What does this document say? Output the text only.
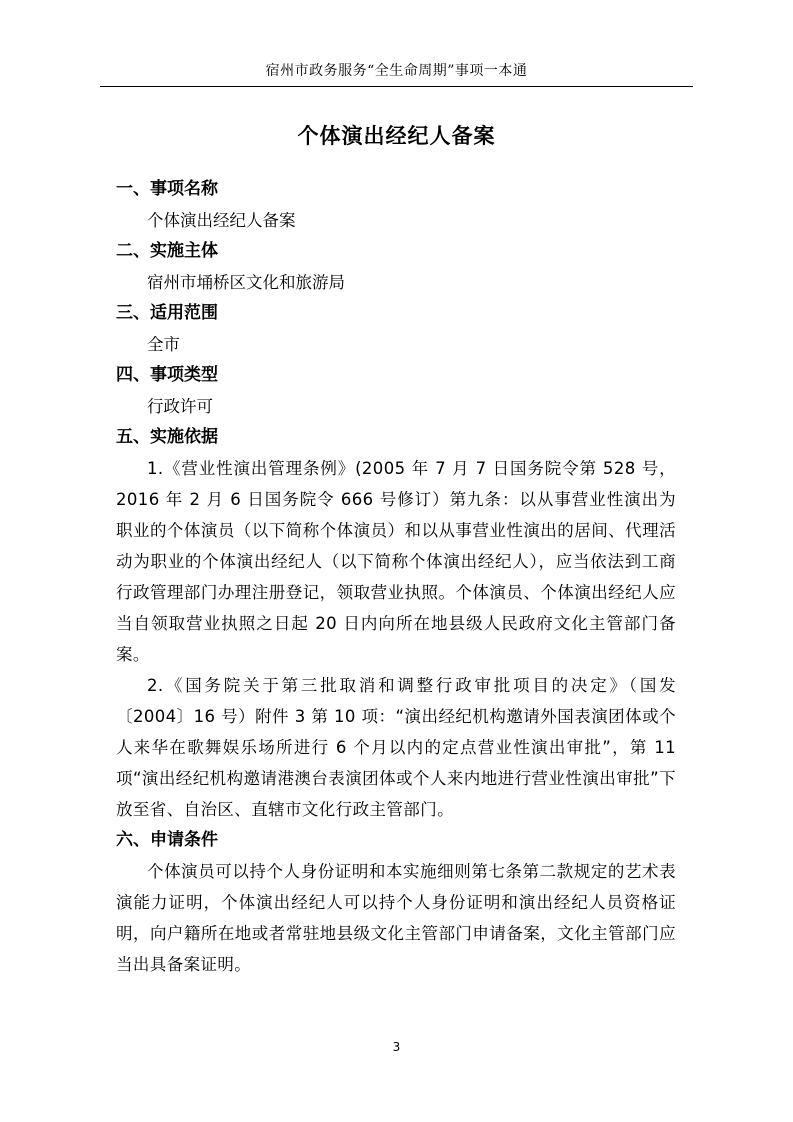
宿州市政务服务“全生命周期”事项一本通
个体演出经纪人备案
一、事项名称
个体演出经纪人备案
二、实施主体
宿州市埇桥区文化和旅游局
三、适用范围
全市
四、事项类型
行政许可
五、实施依据
1.《营业性演出管理条例》(2005 年 7 月 7 日国务院令第 528 号，2016 年 2 月 6 日国务院令 666 号修订）第九条：以从事营业性演出为职业的个体演员（以下简称个体演员）和以从事营业性演出的居间、代理活动为职业的个体演出经纪人（以下简称个体演出经纪人），应当依法到工商行政管理部门办理注册登记，领取营业执照。个体演员、个体演出经纪人应当自领取营业执照之日起 20 日内向所在地县级人民政府文化主管部门备案。
2.《国务院关于第三批取消和调整行政审批项目的决定》（国发〔2004〕16 号）附件 3 第 10 项：“演出经纪机构邀请外国表演团体或个人来华在歌舞娱乐场所进行 6 个月以内的定点营业性演出审批”，第 11 项“演出经纪机构邀请港澳台表演团体或个人来内地进行营业性演出审批”下放至省、自治区、直辖市文化行政主管部门。
六、申请条件
个体演员可以持个人身份证明和本实施细则第七条第二款规定的艺术表演能力证明，个体演出经纪人可以持个人身份证明和演出经纪人员资格证明，向户籍所在地或者常驻地县级文化主管部门申请备案，文化主管部门应当出具备案证明。
3
